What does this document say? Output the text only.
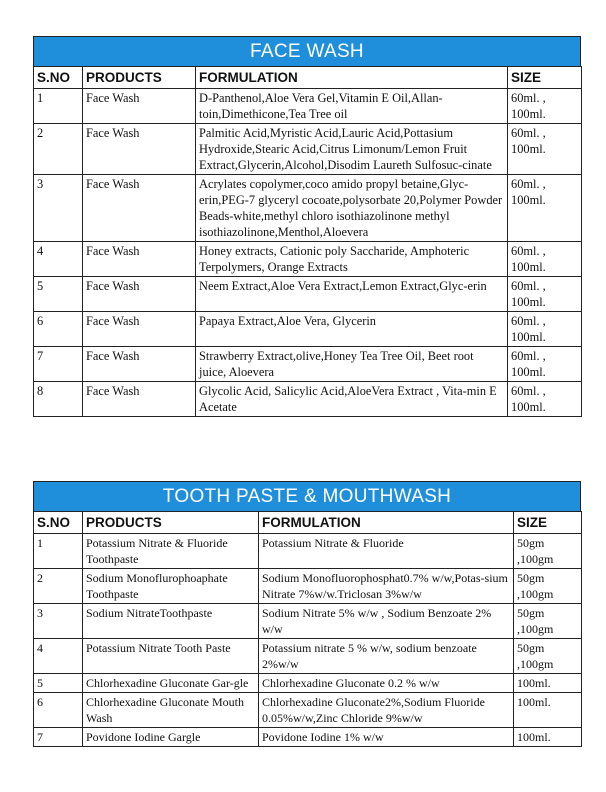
FACE WASH
S.NO	PRODUCTS	FORMULATION	SIZE
1	Face Wash	D-Panthenol,Aloe Vera Gel,Vitamin E Oil,Allan-toin,Dimethicone,Tea Tree oil	60ml. , 100ml.
2	Face Wash	Palmitic Acid,Myristic Acid,Lauric Acid,Pottasium Hydroxide,Stearic Acid,Citrus Limonum/Lemon Fruit Extract,Glycerin,Alcohol,Disodim Laureth Sulfosuc-cinate	60ml. , 100ml.
3	Face Wash	Acrylates copolymer,coco amido propyl betaine,Glyc-erin,PEG-7 glyceryl cocoate,polysorbate 20,Polymer Powder Beads-white,methyl chloro isothiazolinone methyl isothiazolinone,Menthol,Aloevera	60ml. , 100ml.
4	Face Wash	Honey extracts, Cationic poly Saccharide, Amphoteric Terpolymers, Orange Extracts	60ml. , 100ml.
5	Face Wash	Neem Extract,Aloe Vera Extract,Lemon Extract,Glyc-erin	60ml. , 100ml.
6	Face Wash	Papaya Extract,Aloe Vera, Glycerin	60ml. , 100ml.
7	Face Wash	Strawberry Extract,olive,Honey Tea Tree Oil, Beet root juice, Aloevera	60ml. , 100ml.
8	Face Wash	Glycolic Acid, Salicylic Acid,AloeVera Extract , Vita-min E Acetate	60ml. , 100ml.
TOOTH PASTE & MOUTHWASH
S.NO	PRODUCTS	FORMULATION	SIZE
1	Potassium Nitrate & Fluoride Toothpaste	Potassium Nitrate & Fluoride	50gm ,100gm
2	Sodium Monoflurophoaphate Toothpaste	Sodium Monofluorophosphat0.7% w/w,Potas-sium Nitrate 7%w/w.Triclosan 3%w/w	50gm ,100gm
3	Sodium NitrateToothpaste	Sodium Nitrate 5% w/w , Sodium Benzoate 2% w/w	50gm ,100gm
4	Potassium Nitrate Tooth Paste	Potassium nitrate 5 % w/w, sodium benzoate 2%w/w	50gm ,100gm
5	Chlorhexadine Gluconate Gar-gle	Chlorhexadine Gluconate 0.2 % w/w	100ml.
6	Chlorhexadine Gluconate Mouth Wash	Chlorhexadine Gluconate2%,Sodium Fluoride 0.05%w/w,Zinc Chloride 9%w/w	100ml.
7	Povidone Iodine Gargle	Povidone Iodine 1% w/w	100ml.
